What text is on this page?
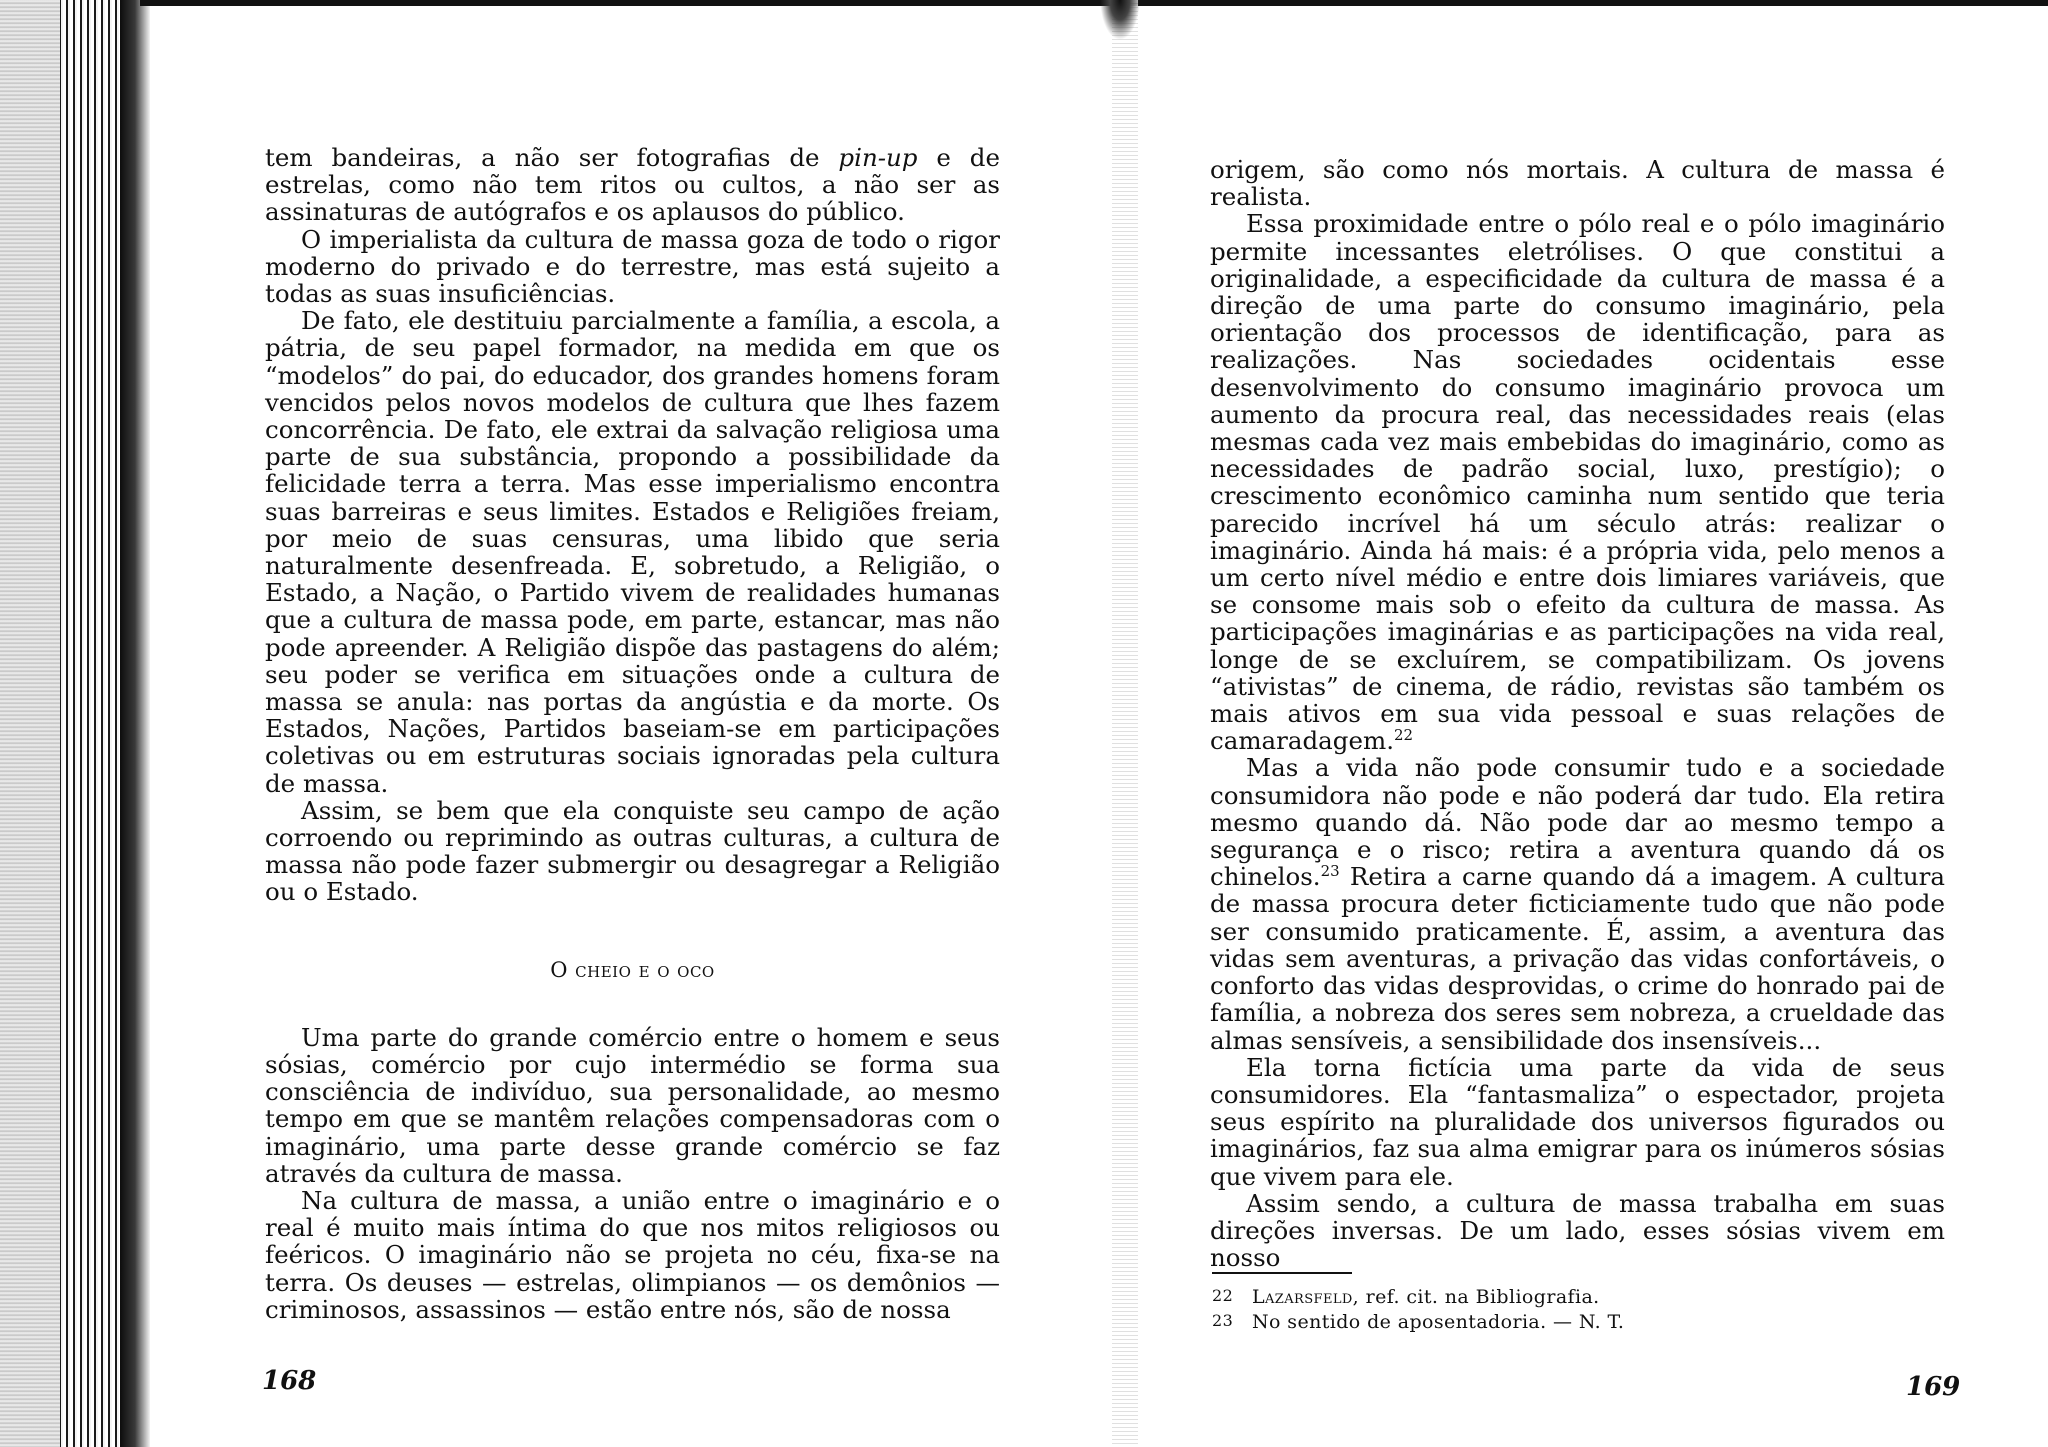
tem bandeiras, a não ser fotografias de pin-up e de estrelas, como não tem ritos ou cultos, a não ser as assinaturas de autógrafos e os aplausos do público.

O imperialista da cultura de massa goza de todo o rigor moderno do privado e do terrestre, mas está sujeito a todas as suas insuficiências.

De fato, ele destituiu parcialmente a família, a escola, a pátria, de seu papel formador, na medida em que os “modelos” do pai, do educador, dos grandes homens foram vencidos pelos novos modelos de cultura que lhes fazem concorrência. De fato, ele extrai da salvação religiosa uma parte de sua substância, propondo a possibilidade da felicidade terra a terra. Mas esse imperialismo encontra suas barreiras e seus limites. Estados e Religiões freiam, por meio de suas censuras, uma libido que seria naturalmente desenfreada. E, sobretudo, a Religião, o Estado, a Nação, o Partido vivem de realidades humanas que a cultura de massa pode, em parte, estancar, mas não pode apreender. A Religião dispõe das pastagens do além; seu poder se verifica em situações onde a cultura de massa se anula: nas portas da angústia e da morte. Os Estados, Nações, Partidos baseiam-se em participações coletivas ou em estruturas sociais ignoradas pela cultura de massa.

Assim, se bem que ela conquiste seu campo de ação corroendo ou reprimindo as outras culturas, a cultura de massa não pode fazer submergir ou desagregar a Religião ou o Estado.

O cheio e o oco

Uma parte do grande comércio entre o homem e seus sósias, comércio por cujo intermédio se forma sua consciência de indivíduo, sua personalidade, ao mesmo tempo em que se mantêm relações compensadoras com o imaginário, uma parte desse grande comércio se faz através da cultura de massa.

Na cultura de massa, a união entre o imaginário e o real é muito mais íntima do que nos mitos religiosos ou feéricos. O imaginário não se projeta no céu, fixa-se na terra. Os deuses — estrelas, olimpianos — os demônios — criminosos, assassinos — estão entre nós, são de nossa

168

origem, são como nós mortais. A cultura de massa é realista.

Essa proximidade entre o pólo real e o pólo imaginário permite incessantes eletrólises. O que constitui a originalidade, a especificidade da cultura de massa é a direção de uma parte do consumo imaginário, pela orientação dos processos de identificação, para as realizações. Nas sociedades ocidentais esse desenvolvimento do consumo imaginário provoca um aumento da procura real, das necessidades reais (elas mesmas cada vez mais embebidas do imaginário, como as necessidades de padrão social, luxo, prestígio); o crescimento econômico caminha num sentido que teria parecido incrível há um século atrás: realizar o imaginário. Ainda há mais: é a própria vida, pelo menos a um certo nível médio e entre dois limiares variáveis, que se consome mais sob o efeito da cultura de massa. As participações imaginárias e as participações na vida real, longe de se excluírem, se compatibilizam. Os jovens “ativistas” de cinema, de rádio, revistas são também os mais ativos em sua vida pessoal e suas relações de camaradagem.$^{22}$

Mas a vida não pode consumir tudo e a sociedade consumidora não pode e não poderá dar tudo. Ela retira mesmo quando dá. Não pode dar ao mesmo tempo a segurança e o risco; retira a aventura quando dá os chinelos.$^{23}$ Retira a carne quando dá a imagem. A cultura de massa procura deter ficticiamente tudo que não pode ser consumido praticamente. É, assim, a aventura das vidas sem aventuras, a privação das vidas confortáveis, o conforto das vidas desprovidas, o crime do honrado pai de família, a nobreza dos seres sem nobreza, a crueldade das almas sensíveis, a sensibilidade dos insensíveis...

Ela torna fictícia uma parte da vida de seus consumidores. Ela “fantasmaliza” o espectador, projeta seus espírito na pluralidade dos universos figurados ou imaginários, faz sua alma emigrar para os inúmeros sósias que vivem para ele.

Assim sendo, a cultura de massa trabalha em suas direções inversas. De um lado, esses sósias vivem em nosso

22 Lazarsfeld, ref. cit. na Bibliografia.
23 No sentido de aposentadoria. — N. T.
169
